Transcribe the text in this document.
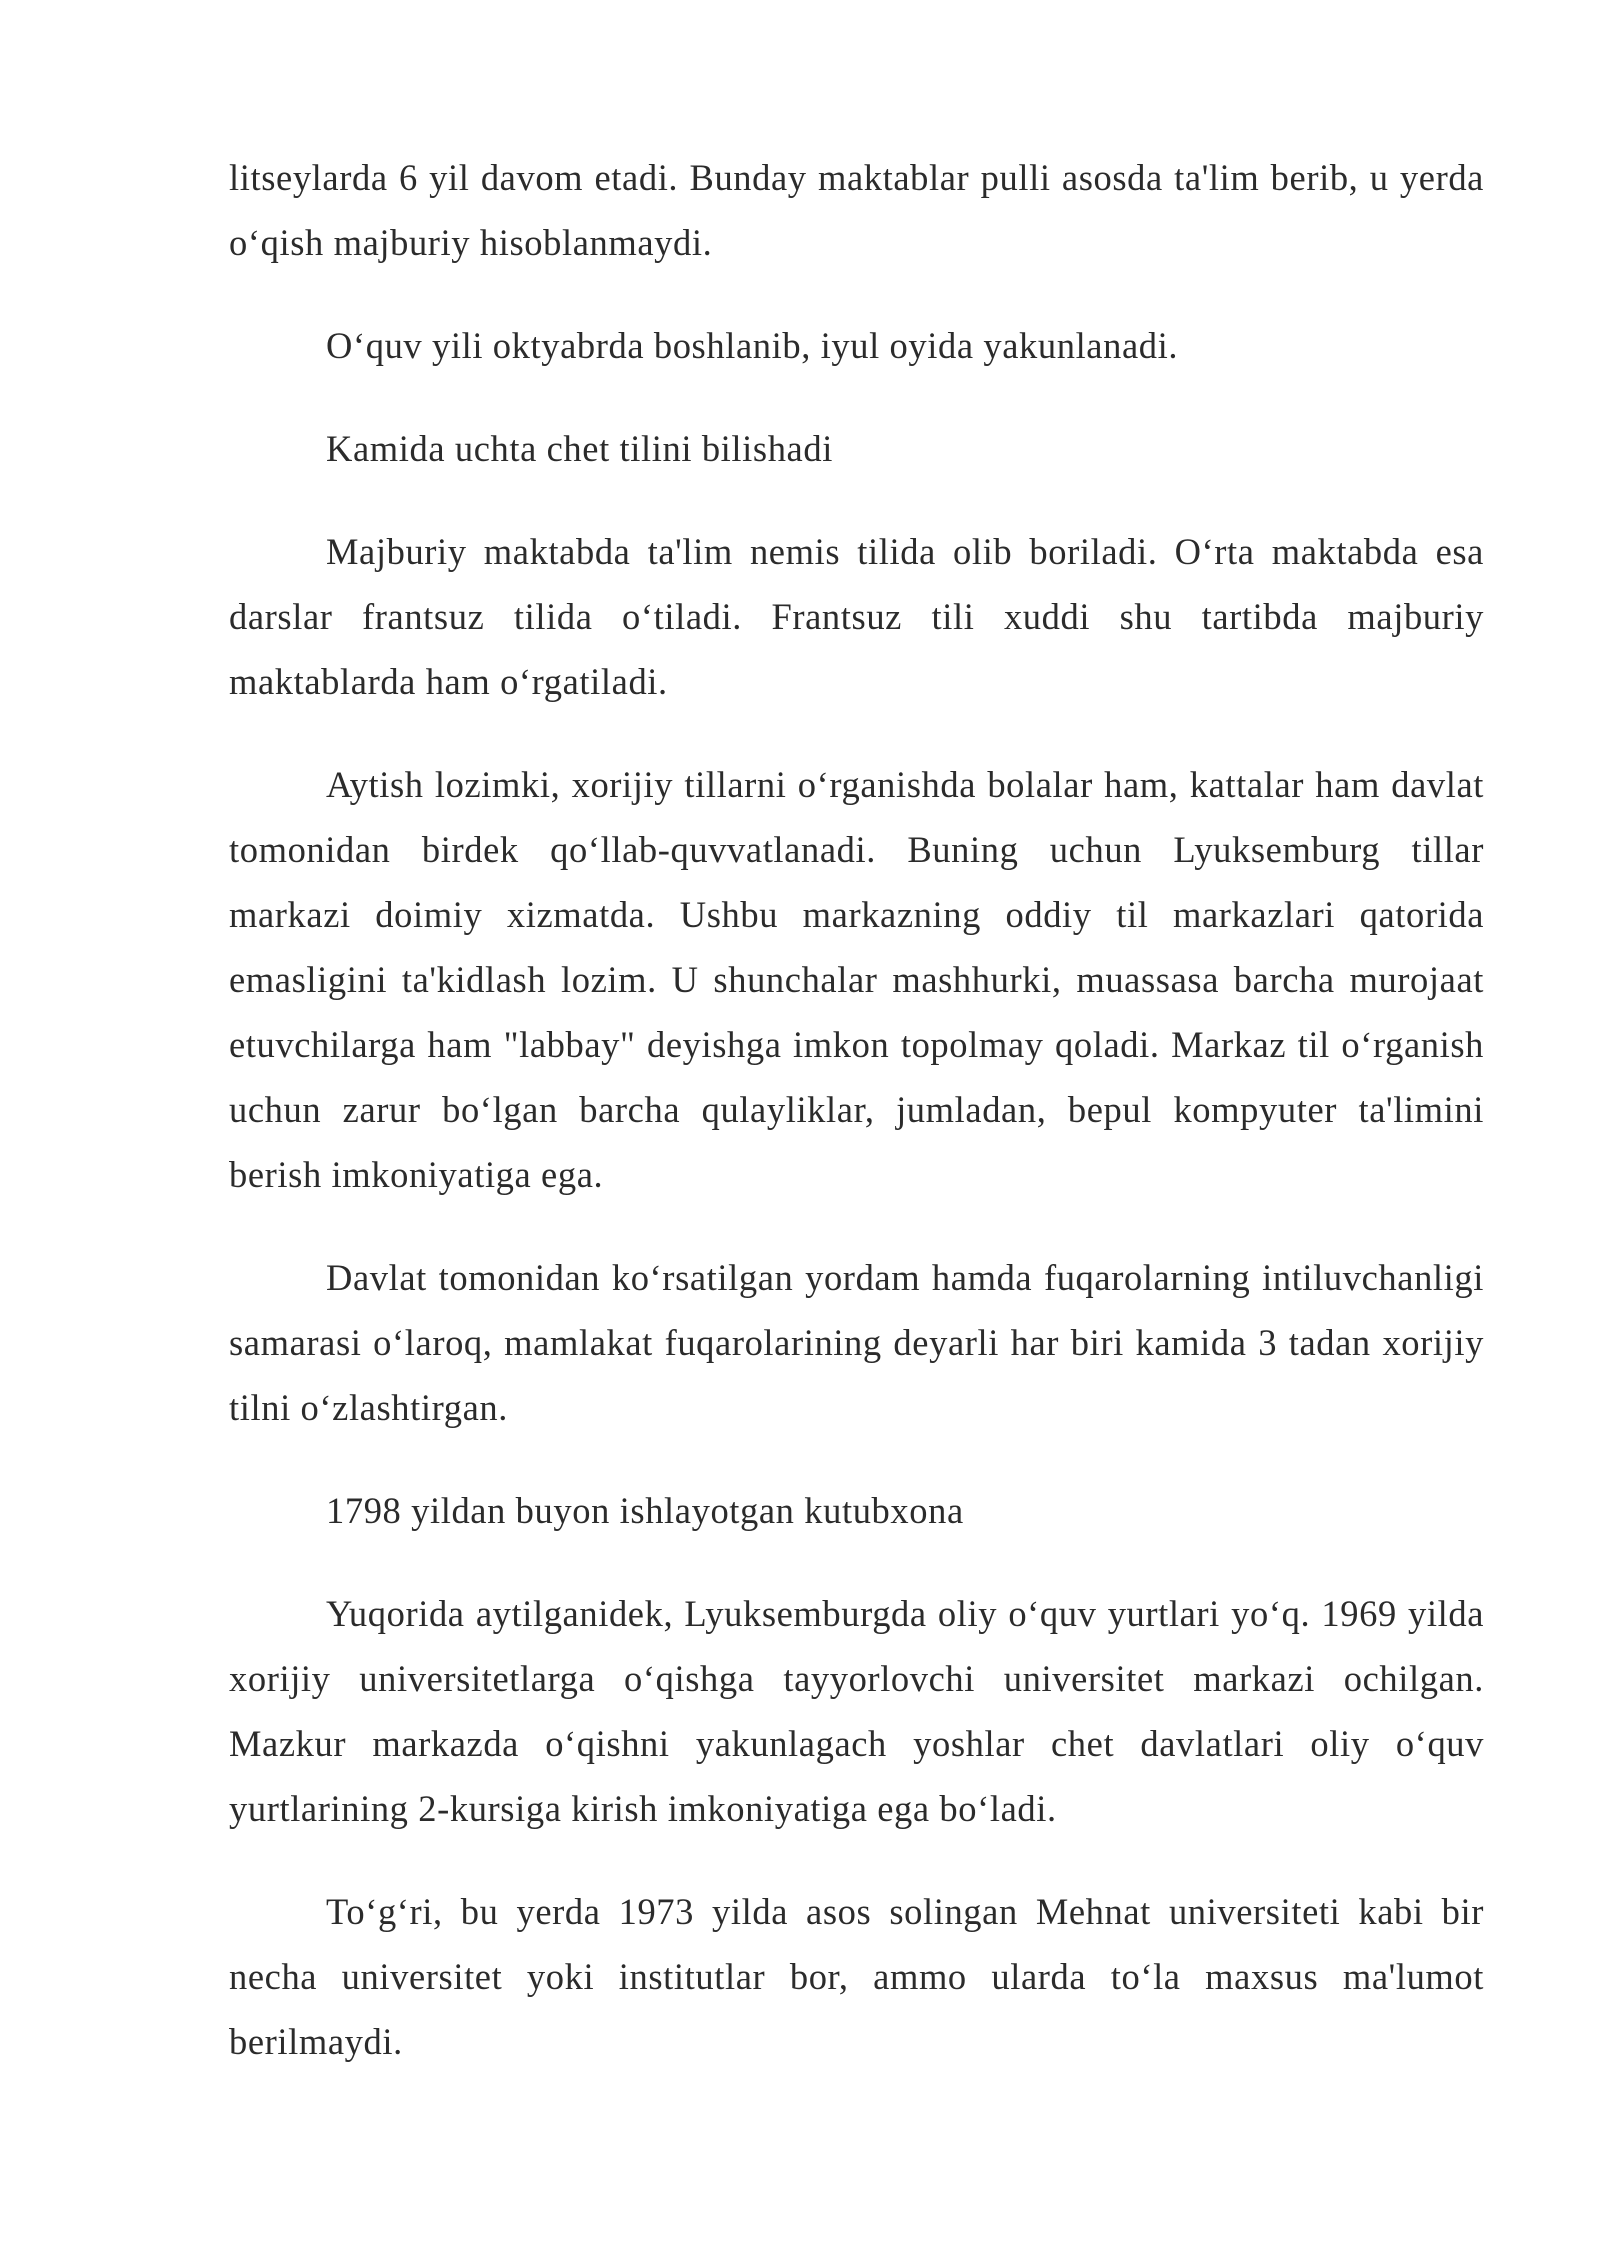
litseylarda 6 yil davom etadi. Bunday maktablar pulli asosda ta'lim berib, u yerda o‘qish majburiy hisoblanmaydi.

O‘quv yili oktyabrda boshlanib, iyul oyida yakunlanadi.

Kamida uchta chet tilini bilishadi

Majburiy maktabda ta'lim nemis tilida olib boriladi. O‘rta maktabda esa darslar frantsuz tilida o‘tiladi. Frantsuz tili xuddi shu tartibda majburiy maktablarda ham o‘rgatiladi.

Aytish lozimki, xorijiy tillarni o‘rganishda bolalar ham, kattalar ham davlat tomonidan birdek qo‘llab-quvvatlanadi. Buning uchun Lyuksemburg tillar markazi doimiy xizmatda. Ushbu markazning oddiy til markazlari qatorida emasligini ta'kidlash lozim. U shunchalar mashhurki, muassasa barcha murojaat etuvchilarga ham "labbay" deyishga imkon topolmay qoladi. Markaz til o‘rganish uchun zarur bo‘lgan barcha qulayliklar, jumladan, bepul kompyuter ta'limini berish imkoniyatiga ega.

Davlat tomonidan ko‘rsatilgan yordam hamda fuqarolarning intiluvchanligi samarasi o‘laroq, mamlakat fuqarolarining deyarli har biri kamida 3 tadan xorijiy tilni o‘zlashtirgan.

1798 yildan buyon ishlayotgan kutubxona

Yuqorida aytilganidek, Lyuksemburgda oliy o‘quv yurtlari yo‘q. 1969 yilda xorijiy universitetlarga o‘qishga tayyorlovchi universitet markazi ochilgan. Mazkur markazda o‘qishni yakunlagach yoshlar chet davlatlari oliy o‘quv yurtlarining 2-kursiga kirish imkoniyatiga ega bo‘ladi.

To‘g‘ri, bu yerda 1973 yilda asos solingan Mehnat universiteti kabi bir necha universitet yoki institutlar bor, ammo ularda to‘la maxsus ma'lumot berilmaydi.
